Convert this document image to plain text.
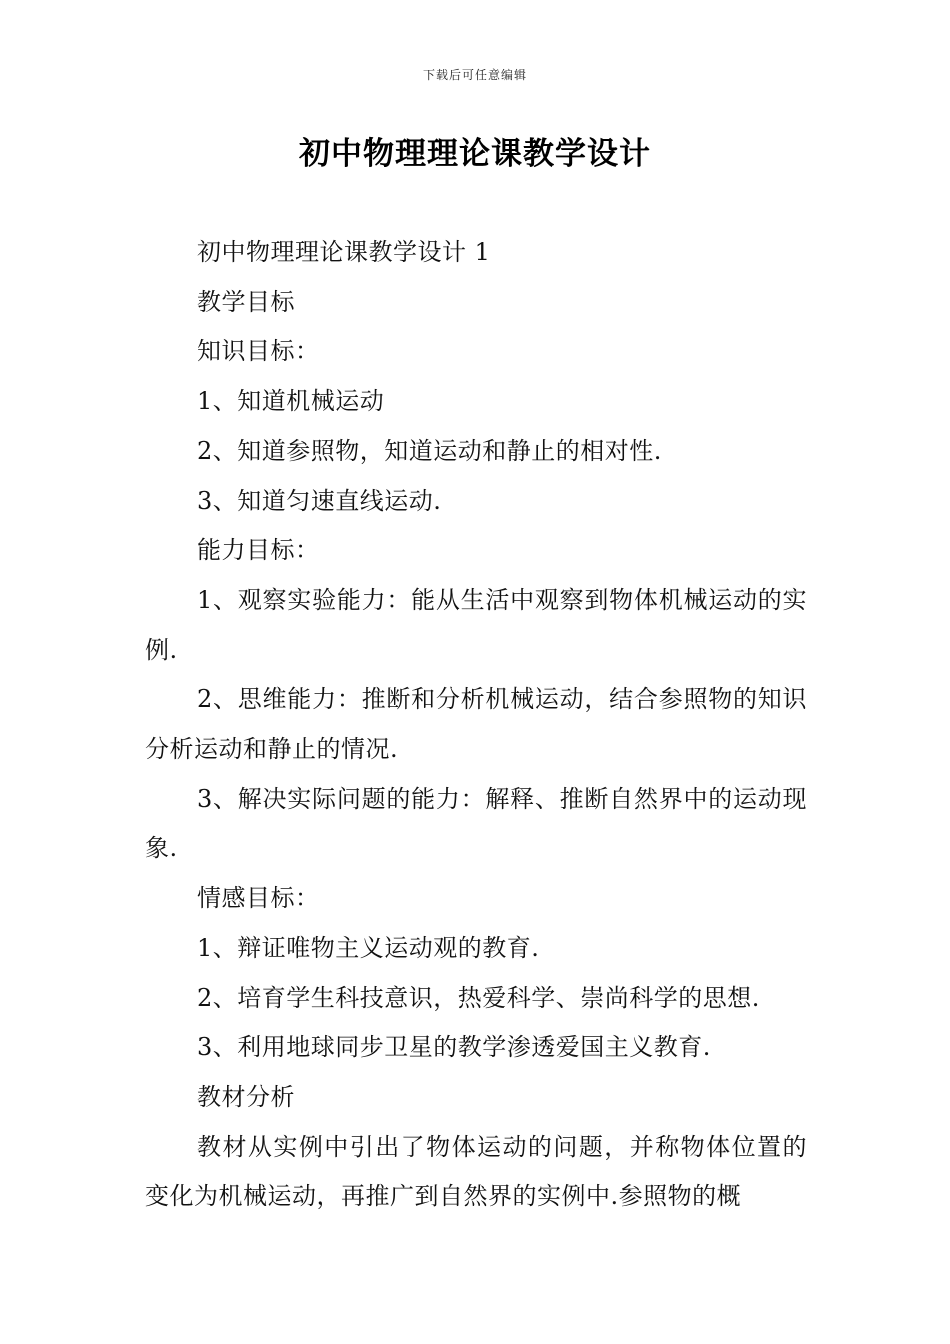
下载后可任意编辑
初中物理理论课教学设计

初中物理理论课教学设计 1

教学目标

知识目标：

1、知道机械运动

2、知道参照物，知道运动和静止的相对性.

3、知道匀速直线运动.

能力目标：

1、观察实验能力：能从生活中观察到物体机械运动的实例.

2、思维能力：推断和分析机械运动，结合参照物的知识分析运动和静止的情况.

3、解决实际问题的能力：解释、推断自然界中的运动现象.

情感目标：

1、辩证唯物主义运动观的教育.

2、培育学生科技意识，热爱科学、崇尚科学的思想.

3、利用地球同步卫星的教学渗透爱国主义教育.

教材分析

教材从实例中引出了物体运动的问题，并称物体位置的变化为机械运动，再推广到自然界的实例中.参照物的概
